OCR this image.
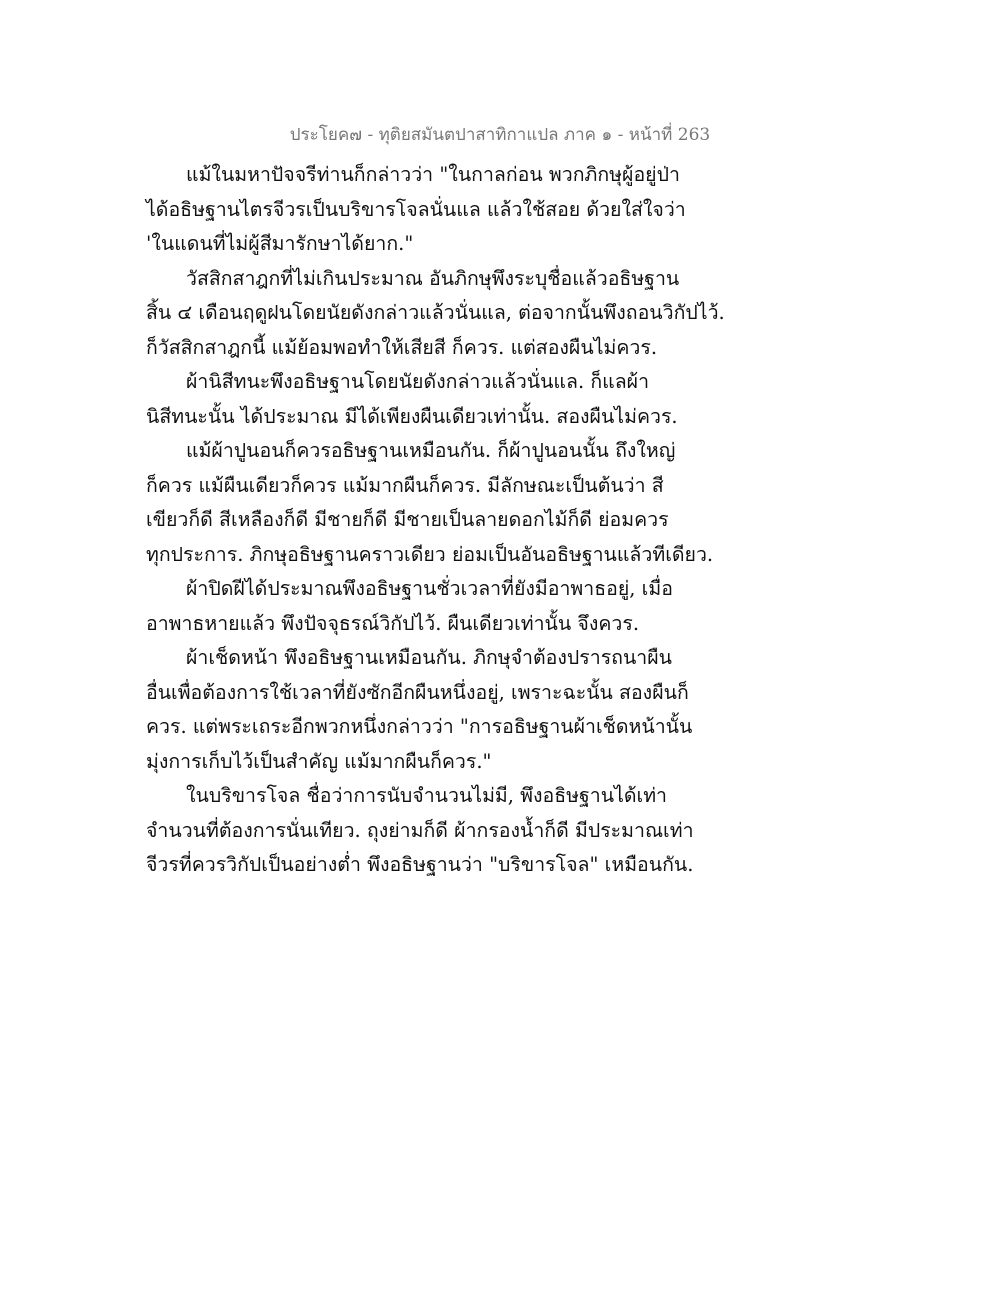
ประโยค๗ - ทุติยสมันตปาสาทิกาแปล ภาค ๑ - หน้าที่ 263
แม้ในมหาปัจจรีท่านก็กล่าวว่า "ในกาลก่อน พวกภิกษุผู้อยู่ป่า
ได้อธิษฐานไตรจีวรเป็นบริขารโจลนั่นแล แล้วใช้สอย ด้วยใส่ใจว่า
'ในแดนที่ไม่ผู้สีมารักษาได้ยาก."
วัสสิกสาฎกที่ไม่เกินประมาณ อันภิกษุพึงระบุชื่อแล้วอธิษฐาน
สิ้น ๔ เดือนฤดูฝนโดยนัยดังกล่าวแล้วนั่นแล, ต่อจากนั้นพึงถอนวิกัปไว้.
ก็วัสสิกสาฎกนี้ แม้ย้อมพอทำให้เสียสี ก็ควร. แต่สองผืนไม่ควร.
ผ้านิสีทนะพึงอธิษฐานโดยนัยดังกล่าวแล้วนั่นแล. ก็แลผ้า
นิสีทนะนั้น ได้ประมาณ มีได้เพียงผืนเดียวเท่านั้น. สองผืนไม่ควร.
แม้ผ้าปูนอนก็ควรอธิษฐานเหมือนกัน. ก็ผ้าปูนอนนั้น ถึงใหญ่
ก็ควร แม้ผืนเดียวก็ควร แม้มากผืนก็ควร. มีลักษณะเป็นต้นว่า สี
เขียวก็ดี สีเหลืองก็ดี มีชายก็ดี มีชายเป็นลายดอกไม้ก็ดี ย่อมควร
ทุกประการ. ภิกษุอธิษฐานคราวเดียว ย่อมเป็นอันอธิษฐานแล้วทีเดียว.
ผ้าปิดฝีได้ประมาณพึงอธิษฐานชั่วเวลาที่ยังมีอาพาธอยู่, เมื่อ
อาพาธหายแล้ว พึงปัจจุธรณ์วิกัปไว้. ผืนเดียวเท่านั้น จึงควร.
ผ้าเช็ดหน้า พึงอธิษฐานเหมือนกัน. ภิกษุจำต้องปรารถนาผืน
อื่นเพื่อต้องการใช้เวลาที่ยังซักอีกผืนหนึ่งอยู่, เพราะฉะนั้น สองผืนก็
ควร. แต่พระเถระอีกพวกหนึ่งกล่าวว่า "การอธิษฐานผ้าเช็ดหน้านั้น
มุ่งการเก็บไว้เป็นสำคัญ แม้มากผืนก็ควร."
ในบริขารโจล ชื่อว่าการนับจำนวนไม่มี, พึงอธิษฐานได้เท่า
จำนวนที่ต้องการนั่นเทียว. ถุงย่ามก็ดี ผ้ากรองน้ำก็ดี มีประมาณเท่า
จีวรที่ควรวิกัปเป็นอย่างต่ำ พึงอธิษฐานว่า "บริขารโจล" เหมือนกัน.
